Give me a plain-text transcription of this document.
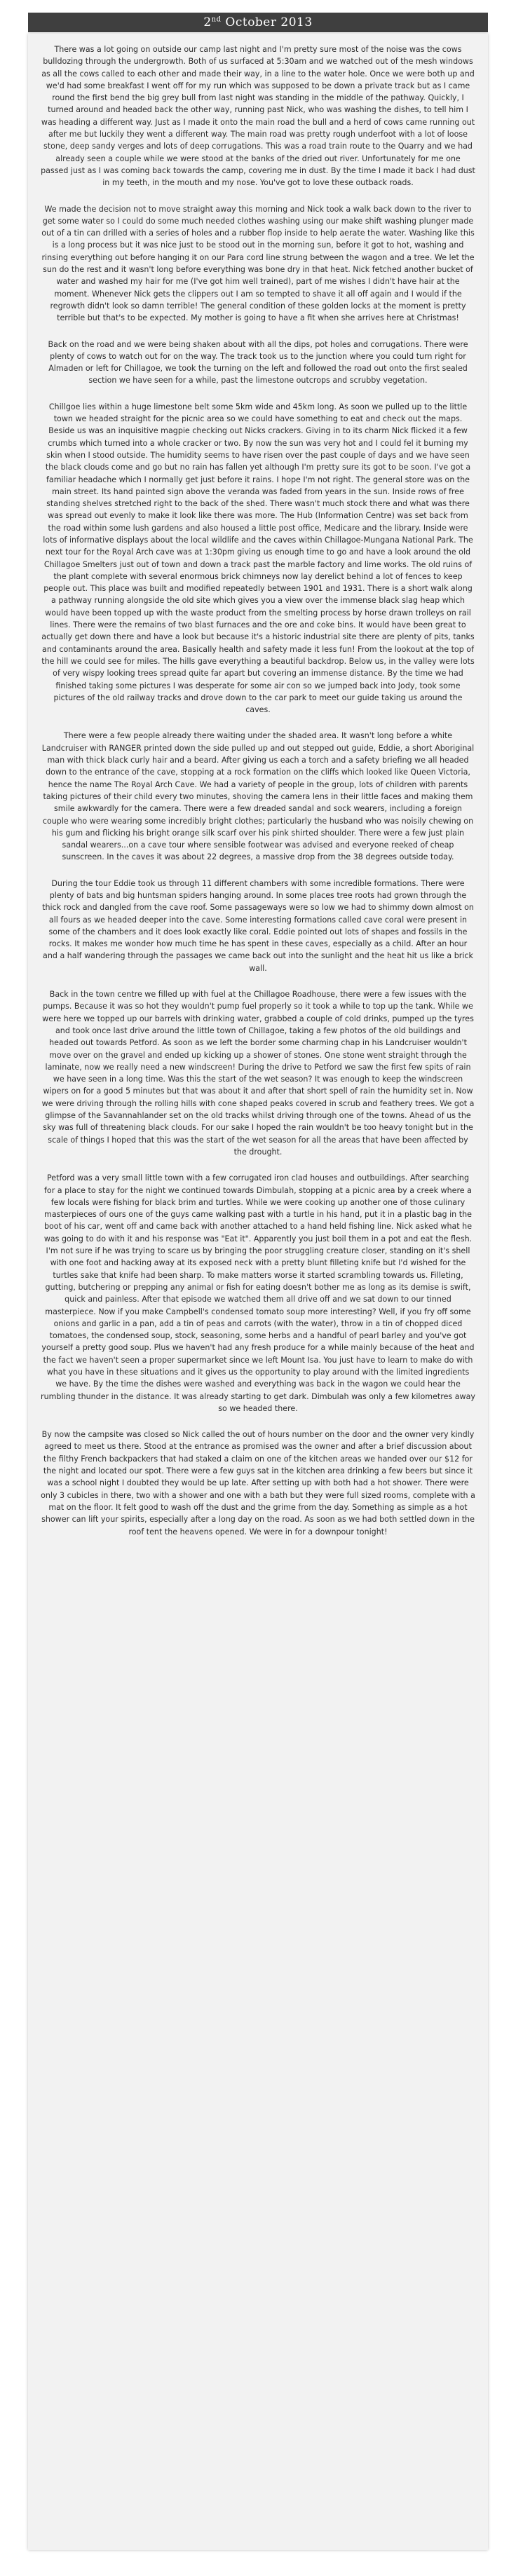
2nd October 2013

There was a lot going on outside our camp last night and I'm pretty sure most of the noise was the cows bulldozing through the undergrowth. Both of us surfaced at 5:30am and we watched out of the mesh windows as all the cows called to each other and made their way, in a line to the water hole. Once we were both up and we'd had some breakfast I went off for my run which was supposed to be down a private track but as I came round the first bend the big grey bull from last night was standing in the middle of the pathway. Quickly, I turned around and headed back the other way, running past Nick, who was washing the dishes, to tell him I was heading a different way. Just as I made it onto the main road the bull and a herd of cows came running out after me but luckily they went a different way. The main road was pretty rough underfoot with a lot of loose stone, deep sandy verges and lots of deep corrugations. This was a road train route to the Quarry and we had already seen a couple while we were stood at the banks of the dried out river. Unfortunately for me one passed just as I was coming back towards the camp, covering me in dust. By the time I made it back I had dust in my teeth, in the mouth and my nose. You've got to love these outback roads.

We made the decision not to move straight away this morning and Nick took a walk back down to the river to get some water so I could do some much needed clothes washing using our make shift washing plunger made out of a tin can drilled with a series of holes and a rubber flop inside to help aerate the water. Washing like this is a long process but it was nice just to be stood out in the morning sun, before it got to hot, washing and rinsing everything out before hanging it on our Para cord line strung between the wagon and a tree. We let the sun do the rest and it wasn't long before everything was bone dry in that heat. Nick fetched another bucket of water and washed my hair for me (I've got him well trained), part of me wishes I didn't have hair at the moment. Whenever Nick gets the clippers out I am so tempted to shave it all off again and I would if the regrowth didn't look so damn terrible! The general condition of these golden locks at the moment is pretty terrible but that's to be expected. My mother is going to have a fit when she arrives here at Christmas!

Back on the road and we were being shaken about with all the dips, pot holes and corrugations. There were plenty of cows to watch out for on the way. The track took us to the junction where you could turn right for Almaden or left for Chillagoe, we took the turning on the left and followed the road out onto the first sealed section we have seen for a while, past the limestone outcrops and scrubby vegetation.

Chillgoe lies within a huge limestone belt some 5km wide and 45km long. As soon we pulled up to the little town we headed straight for the picnic area so we could have something to eat and check out the maps. Beside us was an inquisitive magpie checking out Nicks crackers. Giving in to its charm Nick flicked it a few crumbs which turned into a whole cracker or two. By now the sun was very hot and I could fel it burning my skin when I stood outside. The humidity seems to have risen over the past couple of days and we have seen the black clouds come and go but no rain has fallen yet although I'm pretty sure its got to be soon. I've got a familiar headache which I normally get just before it rains. I hope I'm not right. The general store was on the main street. Its hand painted sign above the veranda was faded from years in the sun. Inside rows of free standing shelves stretched right to the back of the shed. There wasn't much stock there and what was there was spread out evenly to make it look like there was more. The Hub (Information Centre) was set back from the road within some lush gardens and also housed a little post office, Medicare and the library. Inside were lots of informative displays about the local wildlife and the caves within Chillagoe-Mungana National Park. The next tour for the Royal Arch cave was at 1:30pm giving us enough time to go and have a look around the old Chillagoe Smelters just out of town and down a track past the marble factory and lime works. The old ruins of the plant complete with several enormous brick chimneys now lay derelict behind a lot of fences to keep people out. This place was built and modified repeatedly between 1901 and 1931. There is a short walk along a pathway running alongside the old site which gives you a view over the immense black slag heap which would have been topped up with the waste product from the smelting process by horse drawn trolleys on rail lines. There were the remains of two blast furnaces and the ore and coke bins. It would have been great to actually get down there and have a look but because it's a historic industrial site there are plenty of pits, tanks and contaminants around the area. Basically health and safety made it less fun! From the lookout at the top of the hill we could see for miles. The hills gave everything a beautiful backdrop. Below us, in the valley were lots of very wispy looking trees spread quite far apart but covering an immense distance. By the time we had finished taking some pictures I was desperate for some air con so we jumped back into Jody, took some pictures of the old railway tracks and drove down to the car park to meet our guide taking us around the caves.

There were a few people already there waiting under the shaded area. It wasn't long before a white Landcruiser with RANGER printed down the side pulled up and out stepped out guide, Eddie, a short Aboriginal man with thick black curly hair and a beard. After giving us each a torch and a safety briefing we all headed down to the entrance of the cave, stopping at a rock formation on the cliffs which looked like Queen Victoria, hence the name The Royal Arch Cave. We had a variety of people in the group, lots of children with parents taking pictures of their child every two minutes, shoving the camera lens in their little faces and making them smile awkwardly for the camera. There were a few dreaded sandal and sock wearers, including a foreign couple who were wearing some incredibly bright clothes; particularly the husband who was noisily chewing on his gum and flicking his bright orange silk scarf over his pink shirted shoulder. There were a few just plain sandal wearers...on a cave tour where sensible footwear was advised and everyone reeked of cheap sunscreen. In the caves it was about 22 degrees, a massive drop from the 38 degrees outside today.

During the tour Eddie took us through 11 different chambers with some incredible formations. There were plenty of bats and big huntsman spiders hanging around. In some places tree roots had grown through the thick rock and dangled from the cave roof. Some passageways were so low we had to shimmy down almost on all fours as we headed deeper into the cave. Some interesting formations called cave coral were present in some of the chambers and it does look exactly like coral. Eddie pointed out lots of shapes and fossils in the rocks. It makes me wonder how much time he has spent in these caves, especially as a child. After an hour and a half wandering through the passages we came back out into the sunlight and the heat hit us like a brick wall.

Back in the town centre we filled up with fuel at the Chillagoe Roadhouse, there were a few issues with the pumps. Because it was so hot they wouldn't pump fuel properly so it took a while to top up the tank. While we were here we topped up our barrels with drinking water, grabbed a couple of cold drinks, pumped up the tyres and took once last drive around the little town of Chillagoe, taking a few photos of the old buildings and headed out towards Petford. As soon as we left the border some charming chap in his Landcruiser wouldn't move over on the gravel and ended up kicking up a shower of stones. One stone went straight through the laminate, now we really need a new windscreen! During the drive to Petford we saw the first few spits of rain we have seen in a long time. Was this the start of the wet season? It was enough to keep the windscreen wipers on for a good 5 minutes but that was about it and after that short spell of rain the humidity set in. Now we were driving through the rolling hills with cone shaped peaks covered in scrub and feathery trees. We got a glimpse of the Savannahlander set on the old tracks whilst driving through one of the towns. Ahead of us the sky was full of threatening black clouds. For our sake I hoped the rain wouldn't be too heavy tonight but in the scale of things I hoped that this was the start of the wet season for all the areas that have been affected by the drought.

Petford was a very small little town with a few corrugated iron clad houses and outbuildings. After searching for a place to stay for the night we continued towards Dimbulah, stopping at a picnic area by a creek where a few locals were fishing for black brim and turtles. While we were cooking up another one of those culinary masterpieces of ours one of the guys came walking past with a turtle in his hand, put it in a plastic bag in the boot of his car, went off and came back with another attached to a hand held fishing line. Nick asked what he was going to do with it and his response was "Eat it". Apparently you just boil them in a pot and eat the flesh. I'm not sure if he was trying to scare us by bringing the poor struggling creature closer, standing on it's shell with one foot and hacking away at its exposed neck with a pretty blunt filleting knife but I'd wished for the turtles sake that knife had been sharp. To make matters worse it started scrambling towards us. Filleting, gutting, butchering or prepping any animal or fish for eating doesn't bother me as long as its demise is swift, quick and painless. After that episode we watched them all drive off and we sat down to our tinned masterpiece. Now if you make Campbell's condensed tomato soup more interesting? Well, if you fry off some onions and garlic in a pan, add a tin of peas and carrots (with the water), throw in a tin of chopped diced tomatoes, the condensed soup, stock, seasoning, some herbs and a handful of pearl barley and you've got yourself a pretty good soup. Plus we haven't had any fresh produce for a while mainly because of the heat and the fact we haven't seen a proper supermarket since we left Mount Isa. You just have to learn to make do with what you have in these situations and it gives us the opportunity to play around with the limited ingredients we have. By the time the dishes were washed and everything was back in the wagon we could hear the rumbling thunder in the distance. It was already starting to get dark. Dimbulah was only a few kilometres away so we headed there.

By now the campsite was closed so Nick called the out of hours number on the door and the owner very kindly agreed to meet us there. Stood at the entrance as promised was the owner and after a brief discussion about the filthy French backpackers that had staked a claim on one of the kitchen areas we handed over our $12 for the night and located our spot. There were a few guys sat in the kitchen area drinking a few beers but since it was a school night I doubted they would be up late. After setting up with both had a hot shower. There were only 3 cubicles in there, two with a shower and one with a bath but they were full sized rooms, complete with a mat on the floor. It felt good to wash off the dust and the grime from the day. Something as simple as a hot shower can lift your spirits, especially after a long day on the road. As soon as we had both settled down in the roof tent the heavens opened. We were in for a downpour tonight!
